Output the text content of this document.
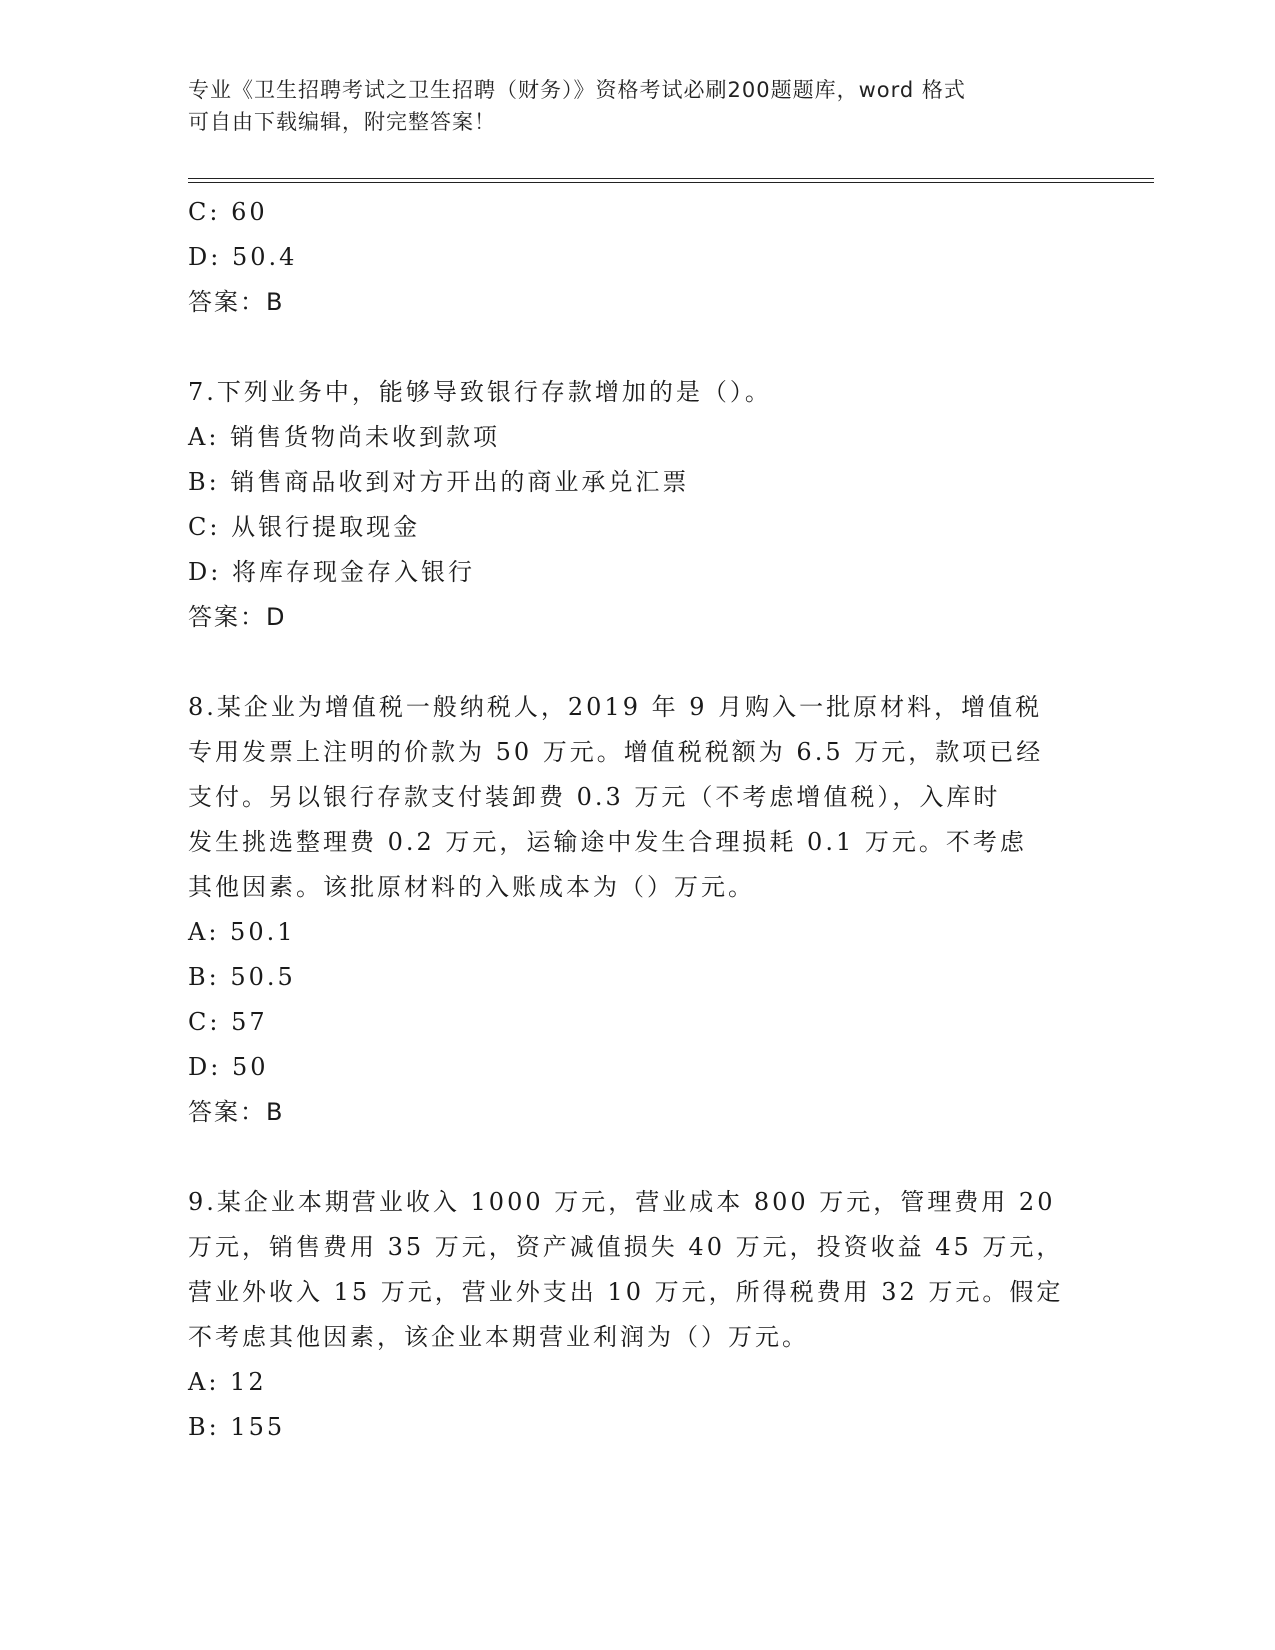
专业《卫生招聘考试之卫生招聘（财务）》资格考试必刷200题题库，word 格式
可自由下载编辑，附完整答案！
C: 60
D: 50.4
答案：B
7.下列业务中，能够导致银行存款增加的是（）。
A: 销售货物尚未收到款项
B: 销售商品收到对方开出的商业承兑汇票
C: 从银行提取现金
D: 将库存现金存入银行
答案：D
8.某企业为增值税一般纳税人，2019 年 9 月购入一批原材料，增值税
专用发票上注明的价款为 50 万元。增值税税额为 6.5 万元，款项已经
支付。另以银行存款支付装卸费 0.3 万元（不考虑增值税），入库时
发生挑选整理费 0.2 万元，运输途中发生合理损耗 0.1 万元。不考虑
其他因素。该批原材料的入账成本为（）万元。
A: 50.1
B: 50.5
C: 57
D: 50
答案：B
9.某企业本期营业收入 1000 万元，营业成本 800 万元，管理费用 20
万元，销售费用 35 万元，资产减值损失 40 万元，投资收益 45 万元，
营业外收入 15 万元，营业外支出 10 万元，所得税费用 32 万元。假定
不考虑其他因素，该企业本期营业利润为（）万元。
A: 12
B: 155
